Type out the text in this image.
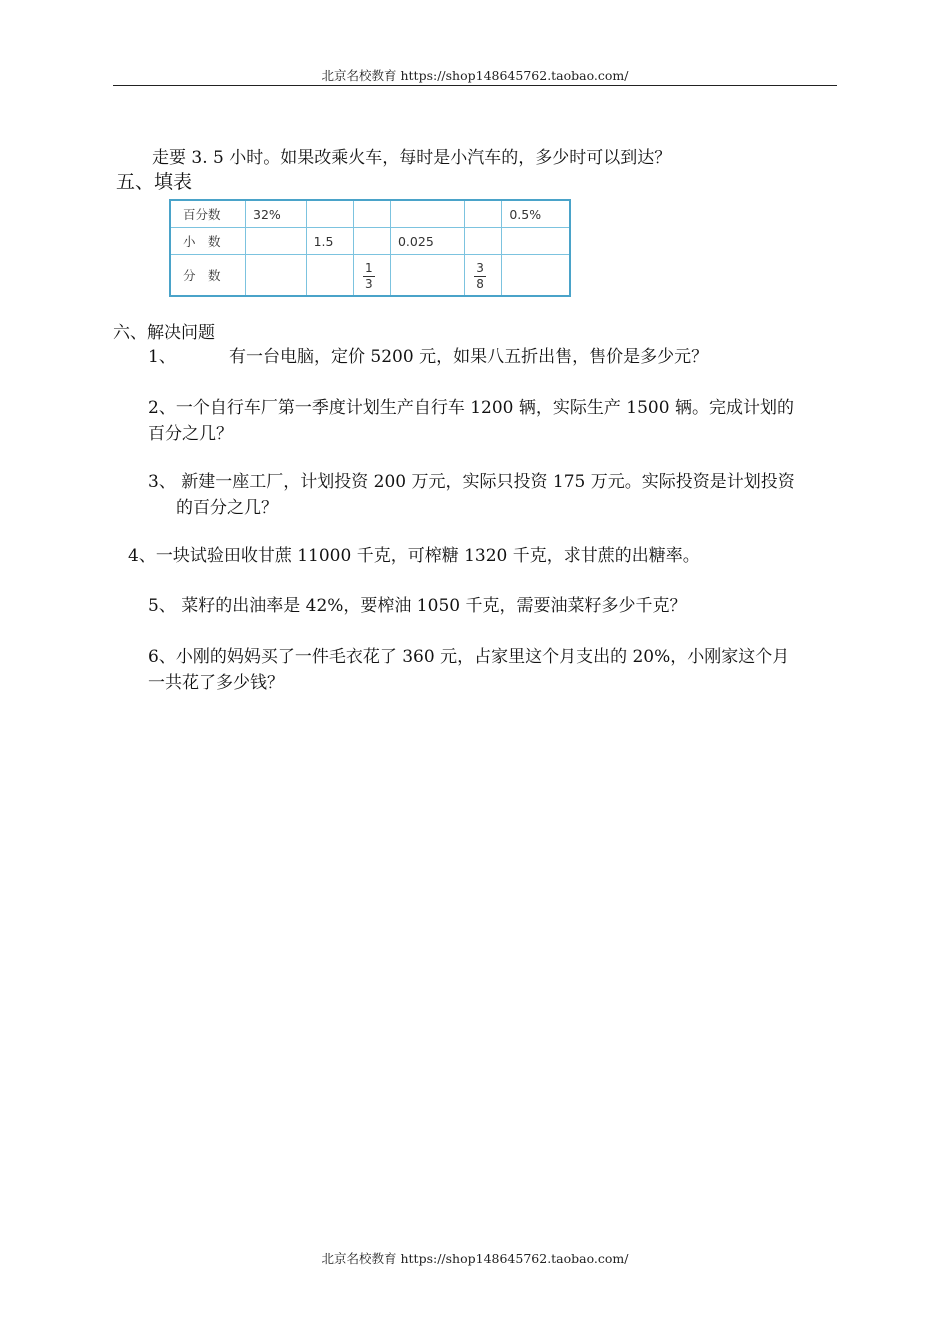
北京名校教育 https://shop148645762.taobao.com/
走要 3. 5 小时。如果改乘火车，每时是小汽车的，多少时可以到达？
五、填表
百分数	32%					0.5%
小　数		1.5		0.025		
分　数			$\frac{1}{3}$		$\frac{3}{8}$

六、解决问题
1、	有一台电脑，定价 5200 元，如果八五折出售，售价是多少元？
2、一个自行车厂第一季度计划生产自行车 1200 辆，实际生产 1500 辆。完成计划的
百分之几？
3、 新建一座工厂，计划投资 200 万元，实际只投资 175 万元。实际投资是计划投资
的百分之几？
4、一块试验田收甘蔗 11000 千克，可榨糖 1320 千克，求甘蔗的出糖率。
5、 菜籽的出油率是 42%，要榨油 1050 千克，需要油菜籽多少千克？
6、小刚的妈妈买了一件毛衣花了 360 元，占家里这个月支出的 20%，小刚家这个月
一共花了多少钱？
北京名校教育 https://shop148645762.taobao.com/
